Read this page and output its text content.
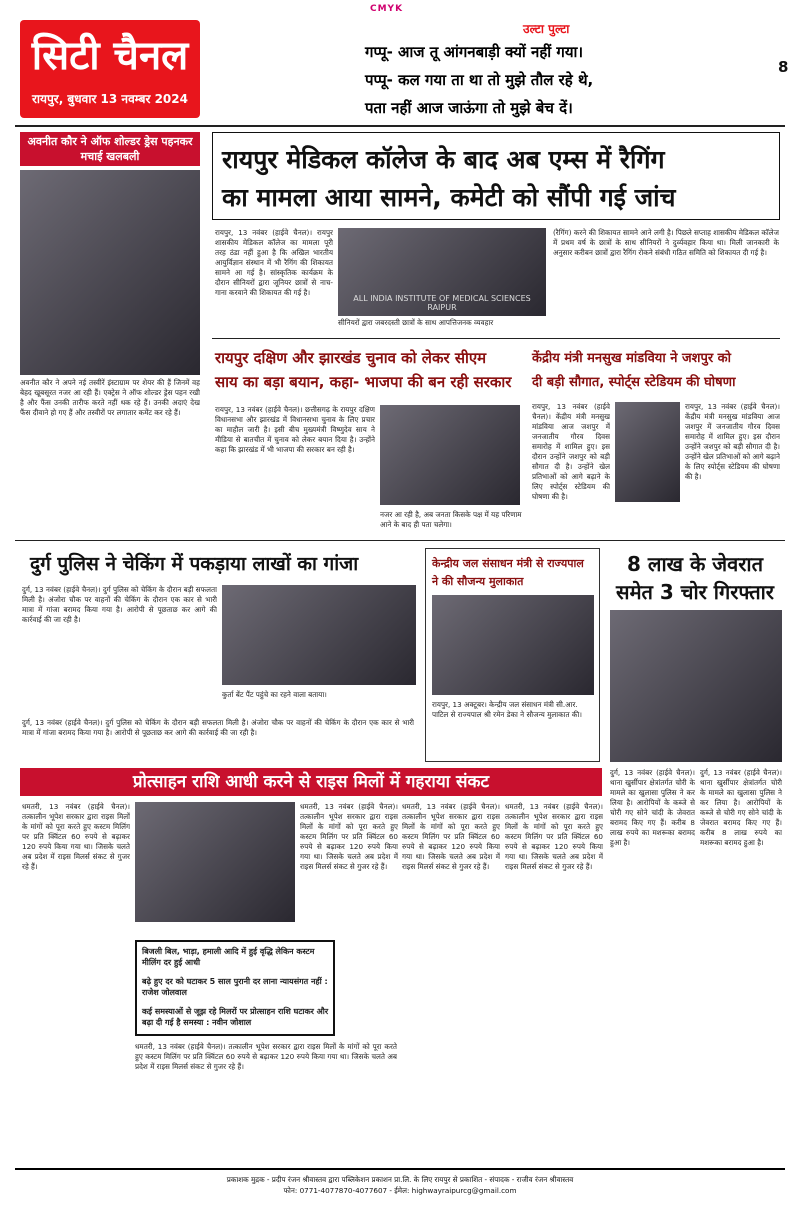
CMYK
सिटी चैनल
रायपुर, बुधवार 13 नवम्बर 2024
उल्टा पुल्टा
गप्पू- आज तू आंगनबाड़ी क्यों नहीं गया।
पप्पू- कल गया ता था तो मुझे तौल रहे थे,
पता नहीं आज जाऊंगा तो मुझे बेच दें।
8
अवनीत कौर ने ऑफ शोल्डर ड्रेस पहनकर मचाई खलबली
अवनीत कौर ने अपने नई तस्वीरें इंस्टाग्राम पर शेयर की हैं जिनमें वह बेहद खूबसूरत नजर आ रही हैं। एक्ट्रेस ने ऑफ शोल्डर ड्रेस पहन रखी है और फैंस उनकी तारीफ करते नहीं थक रहे हैं। उनकी अदाएं देख फैंस दीवाने हो गए हैं और तस्वीरों पर लगातार कमेंट कर रहे हैं।
रायपुर मेडिकल कॉलेज के बाद अब एम्स में रैगिंग
का मामला आया सामने, कमेटी को सौंपी गई जांच
रायपुर, 13 नवंबर (हाईवे चैनल)। रायपुर शासकीय मेडिकल कॉलेज का मामला पूरी तरह ठंडा नहीं हुआ है कि अखिल भारतीय आयुर्विज्ञान संस्थान में भी रैगिंग की शिकायत सामने आ गई है। सांस्कृतिक कार्यक्रम के दौरान सीनियरों द्वारा जूनियर छात्रों से नाच-गाना करवाने की शिकायत की गई है।
ALL INDIA INSTITUTE OF MEDICAL SCIENCES RAIPUR
सीनियरों द्वारा जबरदस्ती छात्रों के साथ आपत्तिजनक व्यवहार
(रैगिंग) करने की शिकायत सामने आने लगी है। पिछले सप्ताह शासकीय मेडिकल कॉलेज में प्रथम वर्ष के छात्रों के साथ सीनियरों ने दुर्व्यवहार किया था। मिली जानकारी के अनुसार करीबन छात्रों द्वारा रैगिंग रोकने संबंधी गठित समिति को शिकायत दी गई है।
रायपुर दक्षिण और झारखंड चुनाव को लेकर सीएम
साय का बड़ा बयान, कहा- भाजपा की बन रही सरकार
रायपुर, 13 नवंबर (हाईवे चैनल)। छत्तीसगढ़ के रायपुर दक्षिण विधानसभा और झारखंड में विधानसभा चुनाव के लिए प्रचार का माहौल जारी है। इसी बीच मुख्यमंत्री विष्णुदेव साय ने मीडिया से बातचीत में चुनाव को लेकर बयान दिया है। उन्होंने कहा कि झारखंड में भी भाजपा की सरकार बन रही है।
नजर आ रही है, अब जनता किसके पक्ष में यह परिणाम आने के बाद ही पता चलेगा।
केंद्रीय मंत्री मनसुख मांडविया ने जशपुर को
दी बड़ी सौगात, स्पोर्ट्स स्टेडियम की घोषणा
रायपुर, 13 नवंबर (हाईवे चैनल)। केंद्रीय मंत्री मनसुख मांडविया आज जशपुर में जनजातीय गौरव दिवस समारोह में शामिल हुए। इस दौरान उन्होंने जशपुर को बड़ी सौगात दी है। उन्होंने खेल प्रतिभाओं को आगे बढ़ाने के लिए स्पोर्ट्स स्टेडियम की घोषणा की है।
रायपुर, 13 नवंबर (हाईवे चैनल)। केंद्रीय मंत्री मनसुख मांडविया आज जशपुर में जनजातीय गौरव दिवस समारोह में शामिल हुए। इस दौरान उन्होंने जशपुर को बड़ी सौगात दी है। उन्होंने खेल प्रतिभाओं को आगे बढ़ाने के लिए स्पोर्ट्स स्टेडियम की घोषणा की है।
दुर्ग पुलिस ने चेकिंग में पकड़ाया लाखों का गांजा
दुर्ग, 13 नवंबर (हाईवे चैनल)। दुर्ग पुलिस को चेकिंग के दौरान बड़ी सफलता मिली है। अंजोरा चौक पर वाहनों की चेकिंग के दौरान एक कार से भारी मात्रा में गांजा बरामद किया गया है। आरोपी से पूछताछ कर आगे की कार्रवाई की जा रही है।
कुर्ता बेंट पैंट पहुंचे का रहने वाला बताया।
दुर्ग, 13 नवंबर (हाईवे चैनल)। दुर्ग पुलिस को चेकिंग के दौरान बड़ी सफलता मिली है। अंजोरा चौक पर वाहनों की चेकिंग के दौरान एक कार से भारी मात्रा में गांजा बरामद किया गया है। आरोपी से पूछताछ कर आगे की कार्रवाई की जा रही है।
केन्द्रीय जल संसाधन मंत्री से राज्यपाल
ने की सौजन्य मुलाकात
रायपुर, 13 अक्टूबर। केन्द्रीय जल संसाधन मंत्री सी.आर. पाटिल से राज्यपाल श्री रमेन डेका ने सौजन्य मुलाकात की।
8 लाख के जेवरात
समेत 3 चोर गिरफ्तार
दुर्ग, 13 नवंबर (हाईवे चैनल)। थाना खुर्सीपार क्षेत्रांतर्गत चोरी के मामले का खुलासा पुलिस ने कर लिया है। आरोपियों के कब्जे से चोरी गए सोने चांदी के जेवरात बरामद किए गए हैं। करीब 8 लाख रुपये का मशरूका बरामद हुआ है।
दुर्ग, 13 नवंबर (हाईवे चैनल)। थाना खुर्सीपार क्षेत्रांतर्गत चोरी के मामले का खुलासा पुलिस ने कर लिया है। आरोपियों के कब्जे से चोरी गए सोने चांदी के जेवरात बरामद किए गए हैं। करीब 8 लाख रुपये का मशरूका बरामद हुआ है।
प्रोत्साहन राशि आधी करने से राइस मिलों में गहराया संकट
धमतरी, 13 नवंबर (हाईवे चैनल)। तत्कालीन भूपेश सरकार द्वारा राइस मिलों के मांगों को पूरा करते हुए कस्टम मिलिंग पर प्रति क्विंटल 60 रुपये से बढ़ाकर 120 रुपये किया गया था। जिसके चलते अब प्रदेश में राइस मिलर्स संकट से गुजर रहे हैं।
बिजली बिल, भाड़ा, हमाली आदि में हुई वृद्धि लेकिन कस्टम मीलिंग दर हुई आधी
बढ़े हुए दर को घटाकर 5 साल पुरानी दर लाना न्यायसंगत नहीं : राजेश जोलवाल
कई समस्याओं से जूझ रहे मिलरों पर प्रोत्साहन राशि घटाकर और बढ़ा दी गई है समस्या : नवीन जोशाल
धमतरी, 13 नवंबर (हाईवे चैनल)। तत्कालीन भूपेश सरकार द्वारा राइस मिलों के मांगों को पूरा करते हुए कस्टम मिलिंग पर प्रति क्विंटल 60 रुपये से बढ़ाकर 120 रुपये किया गया था। जिसके चलते अब प्रदेश में राइस मिलर्स संकट से गुजर रहे हैं।
धमतरी, 13 नवंबर (हाईवे चैनल)। तत्कालीन भूपेश सरकार द्वारा राइस मिलों के मांगों को पूरा करते हुए कस्टम मिलिंग पर प्रति क्विंटल 60 रुपये से बढ़ाकर 120 रुपये किया गया था। जिसके चलते अब प्रदेश में राइस मिलर्स संकट से गुजर रहे हैं।
धमतरी, 13 नवंबर (हाईवे चैनल)। तत्कालीन भूपेश सरकार द्वारा राइस मिलों के मांगों को पूरा करते हुए कस्टम मिलिंग पर प्रति क्विंटल 60 रुपये से बढ़ाकर 120 रुपये किया गया था। जिसके चलते अब प्रदेश में राइस मिलर्स संकट से गुजर रहे हैं।
धमतरी, 13 नवंबर (हाईवे चैनल)। तत्कालीन भूपेश सरकार द्वारा राइस मिलों के मांगों को पूरा करते हुए कस्टम मिलिंग पर प्रति क्विंटल 60 रुपये से बढ़ाकर 120 रुपये किया गया था। जिसके चलते अब प्रदेश में राइस मिलर्स संकट से गुजर रहे हैं।
प्रकाशक मुद्रक - प्रदीप रंजन श्रीवास्तव द्वारा पब्लिकेशन प्रकाशन प्रा.लि. के लिए रायपुर से प्रकाशित - संपादक - राजीव रंजन श्रीवास्तव
फोन: 0771-4077870-4077607 - ईमेल: highwayraipurcg@gmail.com
